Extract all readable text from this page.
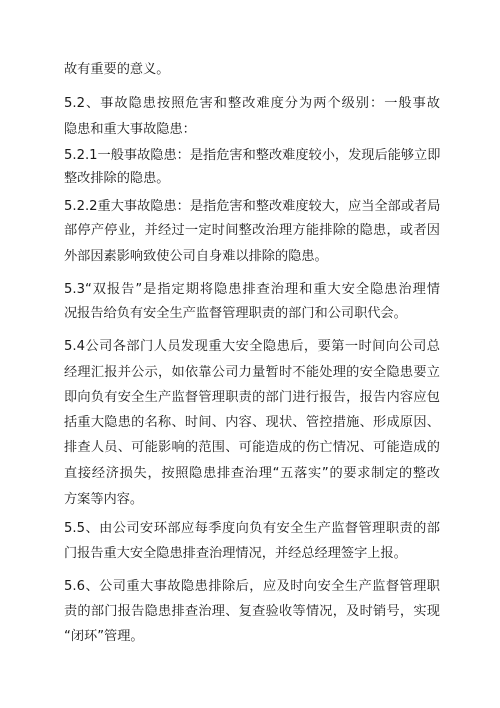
故有重要的意义。
5.2、事故隐患按照危害和整改难度分为两个级别：一般事故
隐患和重大事故隐患：
5.2.1一般事故隐患：是指危害和整改难度较小，发现后能够立即
整改排除的隐患。
5.2.2重大事故隐患：是指危害和整改难度较大，应当全部或者局
部停产停业，并经过一定时间整改治理方能排除的隐患，或者因
外部因素影响致使公司自身难以排除的隐患。
5.3“双报告”是指定期将隐患排查治理和重大安全隐患治理情
况报告给负有安全生产监督管理职责的部门和公司职代会。
5.4公司各部门人员发现重大安全隐患后，要第一时间向公司总
经理汇报并公示，如依靠公司力量暂时不能处理的安全隐患要立
即向负有安全生产监督管理职责的部门进行报告，报告内容应包
括重大隐患的名称、时间、内容、现状、管控措施、形成原因、
排查人员、可能影响的范围、可能造成的伤亡情况、可能造成的
直接经济损失，按照隐患排查治理“五落实”的要求制定的整改
方案等内容。
5.5、由公司安环部应每季度向负有安全生产监督管理职责的部
门报告重大安全隐患排查治理情况，并经总经理签字上报。
5.6、公司重大事故隐患排除后，应及时向安全生产监督管理职
责的部门报告隐患排查治理、复查验收等情况，及时销号，实现
“闭环”管理。
